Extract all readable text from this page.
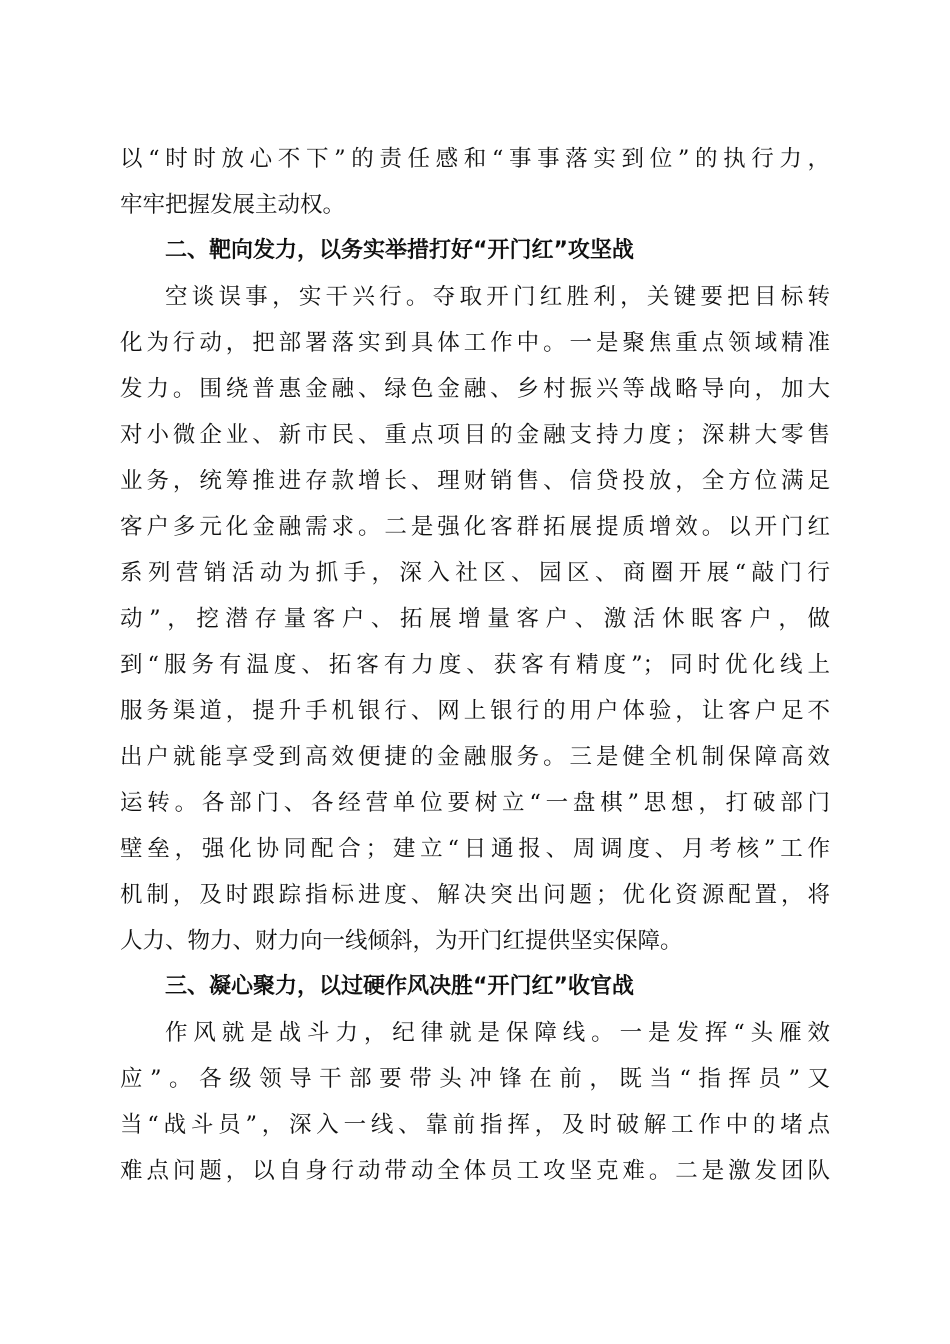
以“时时放心不下”的责任感和“事事落实到位”的执行力，
牢牢把握发展主动权。
二、靶向发力，以务实举措打好“开门红”攻坚战
空谈误事，实干兴行。夺取开门红胜利，关键要把目标转
化为行动，把部署落实到具体工作中。一是聚焦重点领域精准
发力。围绕普惠金融、绿色金融、乡村振兴等战略导向，加大
对小微企业、新市民、重点项目的金融支持力度；深耕大零售
业务，统筹推进存款增长、理财销售、信贷投放，全方位满足
客户多元化金融需求。二是强化客群拓展提质增效。以开门红
系列营销活动为抓手，深入社区、园区、商圈开展“敲门行
动”，挖潜存量客户、拓展增量客户、激活休眠客户，做
到“服务有温度、拓客有力度、获客有精度”；同时优化线上
服务渠道，提升手机银行、网上银行的用户体验，让客户足不
出户就能享受到高效便捷的金融服务。三是健全机制保障高效
运转。各部门、各经营单位要树立“一盘棋”思想，打破部门
壁垒，强化协同配合；建立“日通报、周调度、月考核”工作
机制，及时跟踪指标进度、解决突出问题；优化资源配置，将
人力、物力、财力向一线倾斜，为开门红提供坚实保障。
三、凝心聚力，以过硬作风决胜“开门红”收官战
作风就是战斗力，纪律就是保障线。一是发挥“头雁效
应”。各级领导干部要带头冲锋在前，既当“指挥员”又
当“战斗员”，深入一线、靠前指挥，及时破解工作中的堵点
难点问题，以自身行动带动全体员工攻坚克难。二是激发团队
